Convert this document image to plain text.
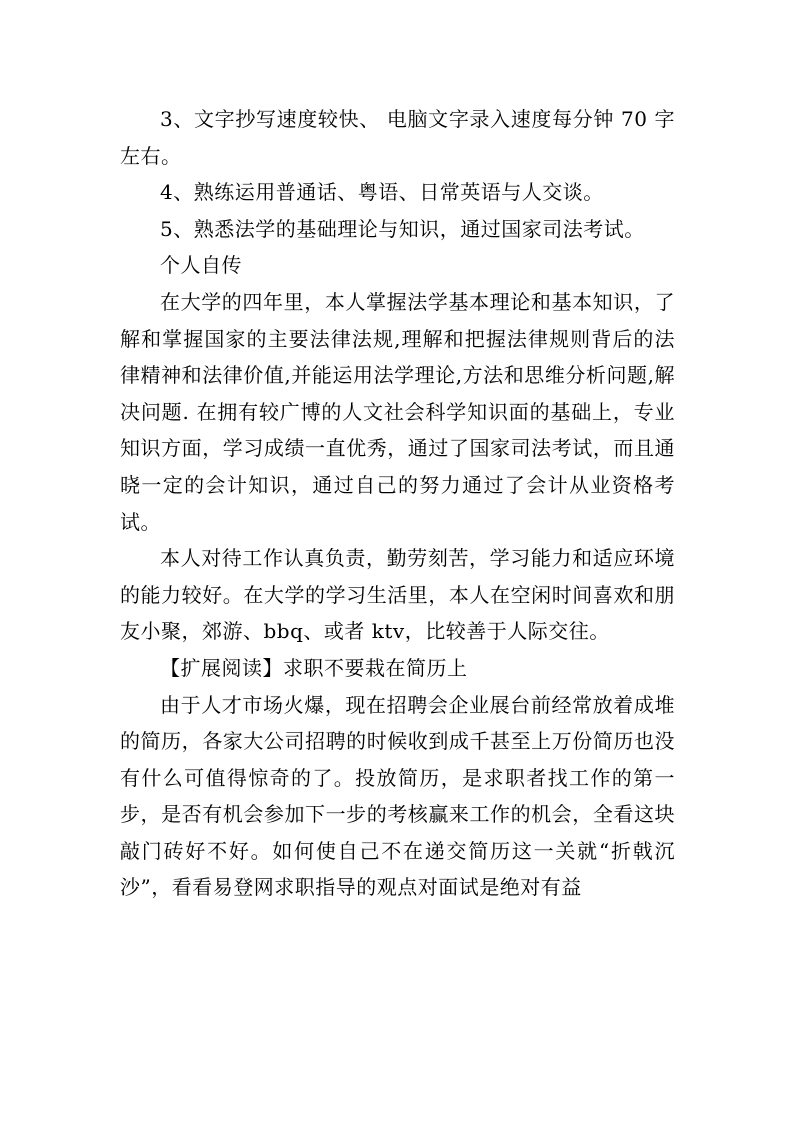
3、文字抄写速度较快、 电脑文字录入速度每分钟 70 字左右。

4、熟练运用普通话、粤语、日常英语与人交谈。

5、熟悉法学的基础理论与知识，通过国家司法考试。

个人自传

在大学的四年里，本人掌握法学基本理论和基本知识，了解和掌握国家的主要法律法规,理解和把握法律规则背后的法律精神和法律价值,并能运用法学理论,方法和思维分析问题,解决问题. 在拥有较广博的人文社会科学知识面的基础上，专业知识方面，学习成绩一直优秀，通过了国家司法考试，而且通晓一定的会计知识，通过自己的努力通过了会计从业资格考试。

本人对待工作认真负责，勤劳刻苦，学习能力和适应环境的能力较好。在大学的学习生活里，本人在空闲时间喜欢和朋友小聚，郊游、bbq、或者 ktv，比较善于人际交往。

【扩展阅读】求职不要栽在简历上

由于人才市场火爆，现在招聘会企业展台前经常放着成堆的简历，各家大公司招聘的时候收到成千甚至上万份简历也没有什么可值得惊奇的了。投放简历，是求职者找工作的第一步，是否有机会参加下一步的考核赢来工作的机会，全看这块敲门砖好不好。如何使自己不在递交简历这一关就“折戟沉沙”，看看易登网求职指导的观点对面试是绝对有益
